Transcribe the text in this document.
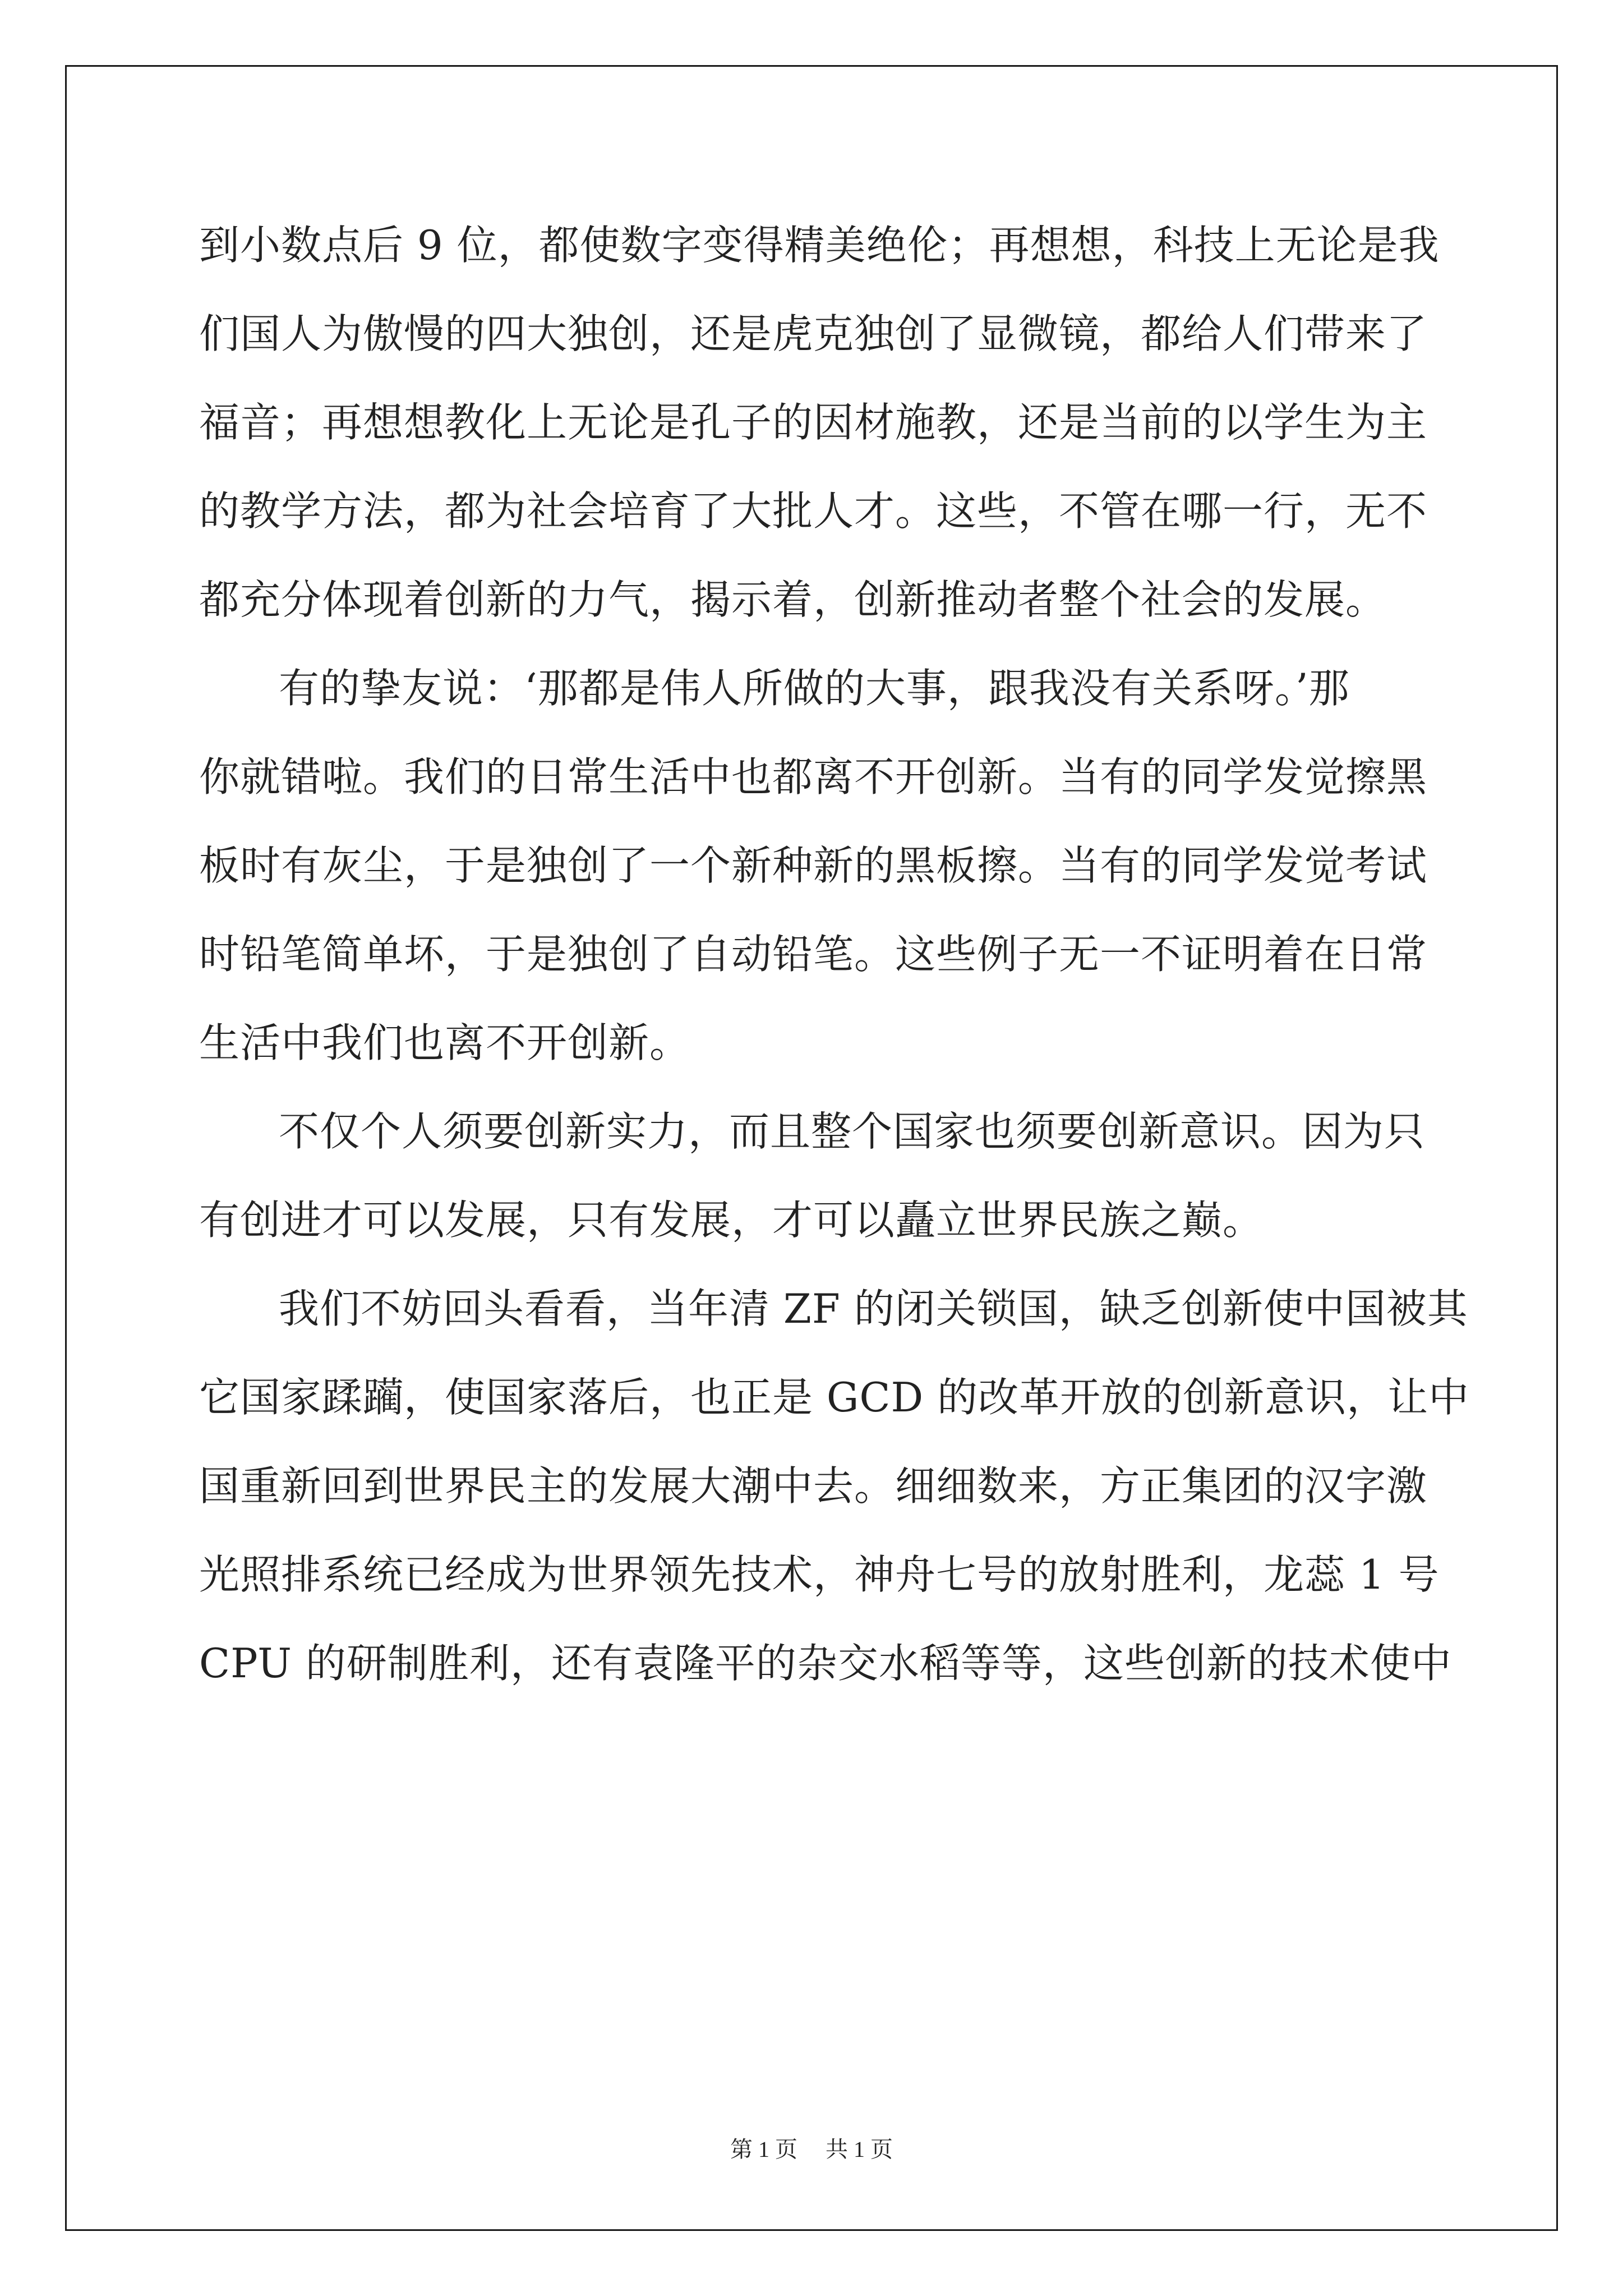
到小数点后 9 位，都使数字变得精美绝伦；再想想，科技上无论是我
们国人为傲慢的四大独创，还是虎克独创了显微镜，都给人们带来了
福音；再想想教化上无论是孔子的因材施教，还是当前的以学生为主
的教学方法，都为社会培育了大批人才。这些，不管在哪一行，无不
都充分体现着创新的力气，揭示着，创新推动者整个社会的发展。
有的挚友说：‘那都是伟人所做的大事，跟我没有关系呀。’那
你就错啦。我们的日常生活中也都离不开创新。当有的同学发觉擦黑
板时有灰尘，于是独创了一个新种新的黑板擦。当有的同学发觉考试
时铅笔简单坏，于是独创了自动铅笔。这些例子无一不证明着在日常
生活中我们也离不开创新。
不仅个人须要创新实力，而且整个国家也须要创新意识。因为只
有创进才可以发展，只有发展，才可以矗立世界民族之巅。
我们不妨回头看看，当年清 ZF 的闭关锁国，缺乏创新使中国被其
它国家蹂躏，使国家落后，也正是 GCD 的改革开放的创新意识，让中
国重新回到世界民主的发展大潮中去。细细数来，方正集团的汉字激
光照排系统已经成为世界领先技术，神舟七号的放射胜利，龙蕊 1 号
CPU 的研制胜利，还有袁隆平的杂交水稻等等，这些创新的技术使中
第 1 页 共 1 页
